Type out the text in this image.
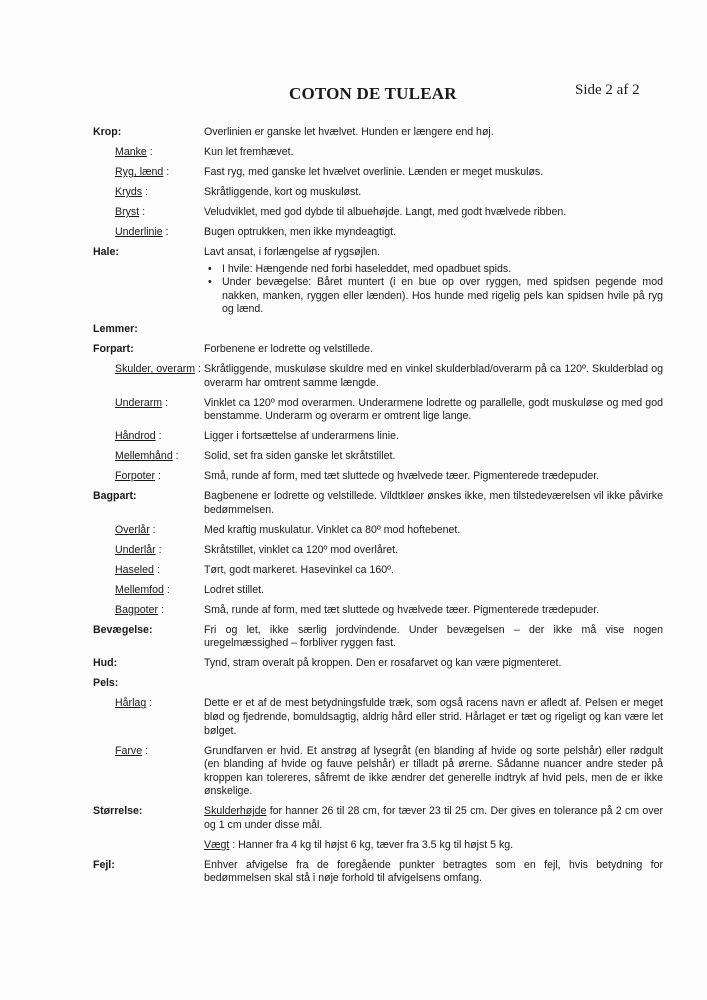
COTON DE TULEAR	Side 2 af 2
Krop:	Overlinien er ganske let hvælvet. Hunden er længere end høj.
Manke :	Kun let fremhævet.
Ryg, lænd :	Fast ryg, med ganske let hvælvet overlinie. Lænden er meget muskuløs.
Kryds :	Skråtliggende, kort og muskuløst.
Bryst :	Veludviklet, med god dybde til albuehøjde. Langt, med godt hvælvede ribben.
Underlinie :	Bugen optrukken, men ikke myndeagtigt.
Hale:	Lavt ansat, i forlængelse af rygsøjlen.
• I hvile: Hængende ned forbi haseleddet, med opadbuet spids.
• Under bevægelse: Båret muntert (i en bue op over ryggen, med spidsen pegende mod nakken, manken, ryggen eller lænden). Hos hunde med rigelig pels kan spidsen hvile på ryg og lænd.
Lemmer:
Forpart:	Forbenene er lodrette og velstillede.
Skulder, overarm : Skråtliggende, muskuløse skuldre med en vinkel skulderblad/overarm på ca 120º. Skulderblad og overarm har omtrent samme længde.
Underarm :	Vinklet ca 120º mod overarmen. Underarmene lodrette og parallelle, godt muskuløse og med god benstamme. Underarm og overarm er omtrent lige lange.
Håndrod :	Ligger i fortsættelse af underarmens linie.
Mellemhånd :	Solid, set fra siden ganske let skråtstillet.
Forpoter :	Små, runde af form, med tæt sluttede og hvælvede tæer. Pigmenterede trædepuder.
Bagpart:	Bagbenene er lodrette og velstillede. Vildtkløer ønskes ikke, men tilstedeværelsen vil ikke påvirke bedømmelsen.
Overlår :	Med kraftig muskulatur. Vinklet ca 80º mod hoftebenet.
Underlår :	Skråtstillet, vinklet ca 120º mod overlåret.
Haseled :	Tørt, godt markeret. Hasevinkel ca 160º.
Mellemfod :	Lodret stillet.
Bagpoter :	Små, runde af form, med tæt sluttede og hvælvede tæer. Pigmenterede trædepuder.
Bevægelse:	Fri og let, ikke særlig jordvindende. Under bevægelsen – der ikke må vise nogen uregelmæssighed – forbliver ryggen fast.
Hud:	Tynd, stram overalt på kroppen. Den er rosafarvet og kan være pigmenteret.
Pels:
Hårlag :	Dette er et af de mest betydningsfulde træk, som også racens navn er afledt af. Pelsen er meget blød og fjedrende, bomuldsagtig, aldrig hård eller strid. Hårlaget er tæt og rigeligt og kan være let bølget.
Farve :	Grundfarven er hvid. Et anstrøg af lysegråt (en blanding af hvide og sorte pelshår) eller rødgult (en blanding af hvide og fauve pelshår) er tilladt på ørerne. Sådanne nuancer andre steder på kroppen kan tolereres, såfremt de ikke ændrer det generelle indtryk af hvid pels, men de er ikke ønskelige.
Størrelse:	Skulderhøjde for hanner 26 til 28 cm, for tæver 23 til 25 cm. Der gives en tolerance på 2 cm over og 1 cm under disse mål.
Vægt : Hanner fra 4 kg til højst 6 kg, tæver fra 3.5 kg til højst 5 kg.
Fejl:	Enhver afvigelse fra de foregående punkter betragtes som en fejl, hvis betydning for bedømmelsen skal stå i nøje forhold til afvigelsens omfang.
